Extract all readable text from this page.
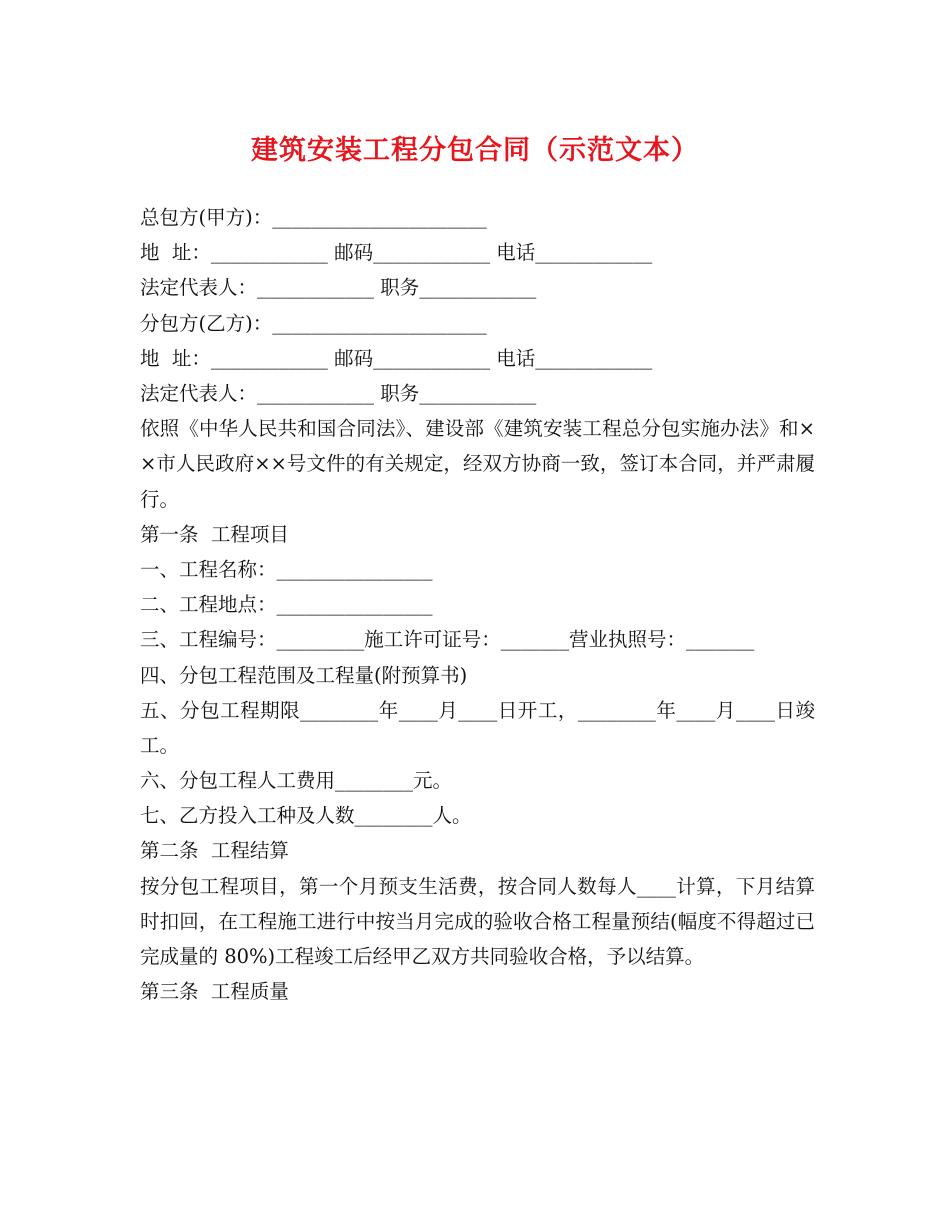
建筑安装工程分包合同（示范文本）
总包方(甲方)：______________________
地  址：____________ 邮码____________ 电话____________
法定代表人：____________ 职务____________
分包方(乙方)：______________________
地  址：____________ 邮码____________ 电话____________
法定代表人：____________ 职务____________
依照《中华人民共和国合同法》、建设部《建筑安装工程总分包实施办法》和××市人民政府××号文件的有关规定，经双方协商一致，签订本合同，并严肃履行。
第一条  工程项目
一、工程名称：________________
二、工程地点：________________
三、工程编号：_________施工许可证号：_______营业执照号：_______
四、分包工程范围及工程量(附预算书)
五、分包工程期限________年____月____日开工，________年____月____日竣工。
六、分包工程人工费用________元。
七、乙方投入工种及人数________人。
第二条  工程结算
按分包工程项目，第一个月预支生活费，按合同人数每人____计算，下月结算时扣回，在工程施工进行中按当月完成的验收合格工程量预结(幅度不得超过已完成量的 80%)工程竣工后经甲乙双方共同验收合格，予以结算。
第三条  工程质量
